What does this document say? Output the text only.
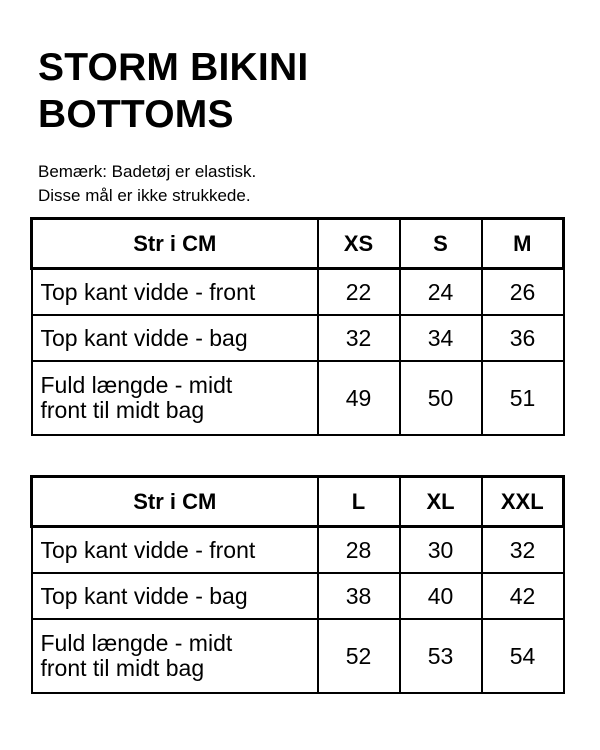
STORM BIKINI
BOTTOMS
Bemærk: Badetøj er elastisk.
Disse mål er ikke strukkede.
Str i CM	XS	S	M
Top kant vidde - front	22	24	26
Top kant vidde - bag	32	34	36

Fuld længde - midt
front til midt bag	49	50	51
Str i CM	L	XL	XXL
Top kant vidde - front	28	30	32
Top kant vidde - bag	38	40	42

Fuld længde - midt
front til midt bag	52	53	54
